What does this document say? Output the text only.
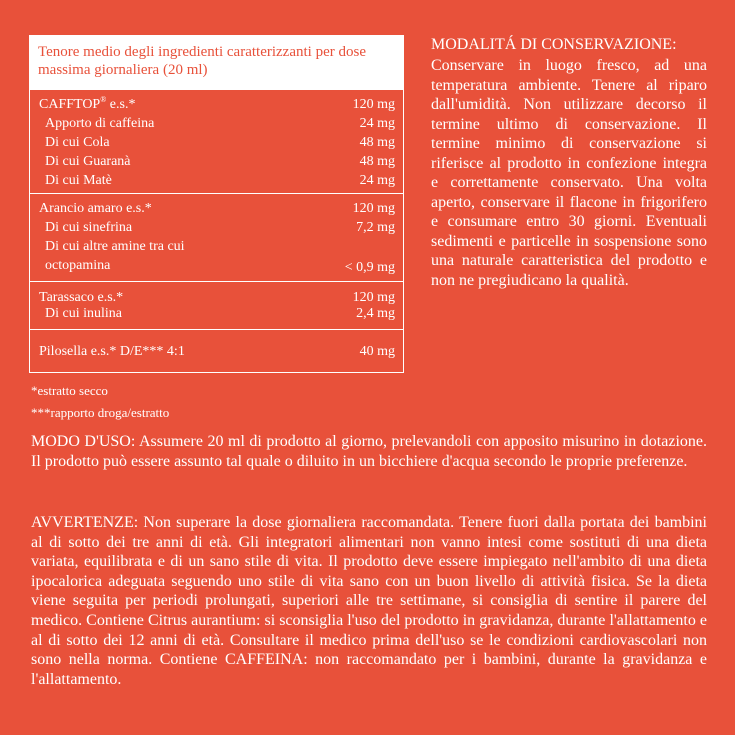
Tenore medio degli ingredienti caratterizzanti per dose massima giornaliera (20 ml)
CAFFTOP® e.s.*	120 mg
Apporto di caffeina	24 mg
Di cui Cola	48 mg
Di cui Guaranà	48 mg
Di cui Matè	24 mg
Arancio amaro e.s.*	120 mg
Di cui sinefrina	7,2 mg
Di cui altre amine tra cui
octopamina	< 0,9 mg
Tarassaco e.s.*	120 mg
Di cui inulina	2,4 mg
Pilosella e.s.* D/E*** 4:1	40 mg
*estratto secco
***rapporto droga/estratto
MODALITÁ DI CONSERVAZIONE:
Conservare in luogo fresco, ad una temperatura ambiente. Tenere al riparo dall'umidità. Non utilizzare decorso il termine ultimo di conservazione. Il termine minimo di conservazione si riferisce al prodotto in confezione integra e correttamente conservato. Una volta aperto, conservare il flacone in frigorifero e consumare entro 30 giorni. Eventuali sedimenti e particelle in sospensione sono una naturale caratteristica del prodotto e non ne pregiudicano la qualità.
MODO D'USO: Assumere 20 ml di prodotto al giorno, prelevandoli con apposito misurino in dotazione. Il prodotto può essere assunto tal quale o diluito in un bicchiere d'acqua secondo le proprie preferenze.
AVVERTENZE: Non superare la dose giornaliera raccomandata. Tenere fuori dalla portata dei bambini al di sotto dei tre anni di età. Gli integratori alimentari non vanno intesi come sostituti di una dieta variata, equilibrata e di un sano stile di vita. Il prodotto deve essere impiegato nell'ambito di una dieta ipocalorica adeguata seguendo uno stile di vita sano con un buon livello di attività fisica. Se la dieta viene seguita per periodi prolungati, superiori alle tre settimane, si consiglia di sentire il parere del medico. Contiene Citrus aurantium: si sconsiglia l'uso del prodotto in gravidanza, durante l'allattamento e al di sotto dei 12 anni di età. Consultare il medico prima dell'uso se le condizioni cardiovascolari non sono nella norma. Contiene CAFFEINA: non raccomandato per i bambini, durante la gravidanza e l'allattamento.
